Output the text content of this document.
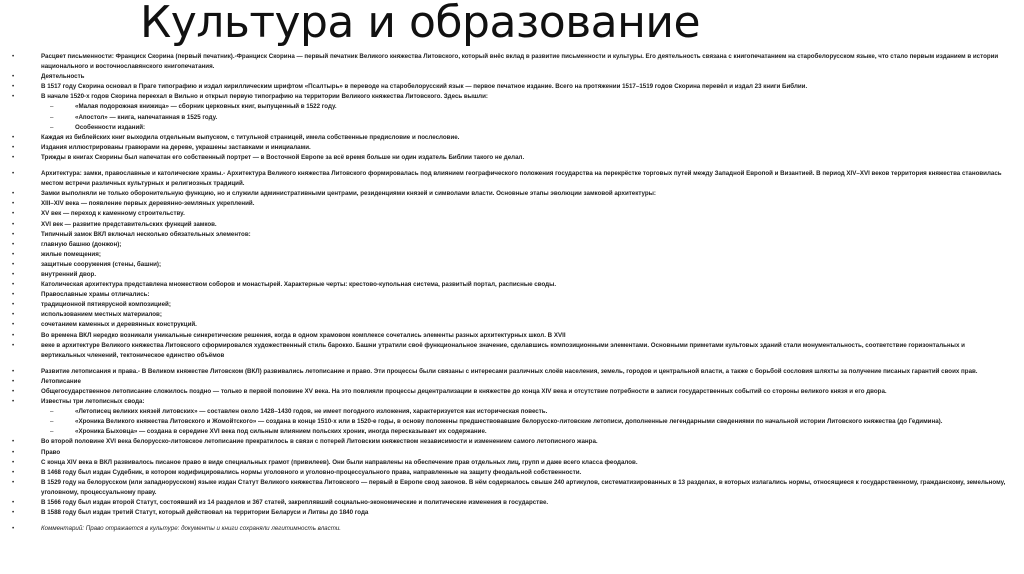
Культура и образование
•	Расцвет письменности: Франциск Скорина (первый печатник).-Франциск Скорина — первый печатник Великого княжества Литовского, который внёс вклад в развитие письменности и культуры. Его деятельность связана с книгопечатанием на старобелорусском языке, что стало первым изданием в истории национального и восточнославянского книгопечатания.
•	Деятельность
•	В 1517 году Скорина основал в Праге типографию и издал кириллическим шрифтом «Псалтырь» в переводе на старобелорусский язык — первое печатное издание. Всего на протяжении 1517–1519 годов Скорина перевёл и издал 23 книги Библии.
•	В начале 1520-х годов Скорина переехал в Вильно и открыл первую типографию на территории Великого княжества Литовского. Здесь вышли:
–	«Малая подорожная книжица» — сборник церковных книг, выпущенный в 1522 году.
–	«Апостол» — книга, напечатанная в 1525 году.
–	Особенности изданий:
•	Каждая из библейских книг выходила отдельным выпуском, с титульной страницей, имела собственные предисловие и послесловие.
•	Издания иллюстрированы гравюрами на дереве, украшены заставками и инициалами.
•	Трижды в книгах Скорины был напечатан его собственный портрет — в Восточной Европе за всё время больше ни один издатель Библии такого не делал.
•	Архитектура: замки, православные и католические храмы.- Архитектура Великого княжества Литовского формировалась под влиянием географического положения государства на перекрёстке торговых путей между Западной Европой и Византией. В период XIV–XVI веков территория княжества становилась местом встречи различных культурных и религиозных традиций.
•	Замки выполняли не только оборонительную функцию, но и служили административными центрами, резиденциями князей и символами власти. Основные этапы эволюции замковой архитектуры:
•	XIII–XIV века — появление первых деревянно-земляных укреплений.
•	XV век — переход к каменному строительству.
•	XVI век — развитие представительских функций замков.
•	Типичный замок ВКЛ включал несколько обязательных элементов:
•	главную башню (донжон);
•	жилые помещения;
•	защитные сооружения (стены, башни);
•	внутренний двор.
•	Католическая архитектура представлена множеством соборов и монастырей. Характерные черты: крестово-купольная система, развитый портал, расписные своды.
•	Православные храмы отличались:
•	традиционной пятиярусной композицией;
•	использованием местных материалов;
•	сочетанием каменных и деревянных конструкций.
•	Во времена ВКЛ нередко возникали уникальные синкретические решения, когда в одном храмовом комплексе сочетались элементы разных архитектурных школ. В XVII
•	веке в архитектуре Великого княжества Литовского сформировался художественный стиль барокко. Башни утратили своё функциональное значение, сделавшись композиционными элементами. Основными приметами культовых зданий стали монументальность, соответствие горизонтальных и вертикальных членений, тектоническое единство объёмов
•	Развитие летописания и права.- В Великом княжестве Литовском (ВКЛ) развивались летописание и право. Эти процессы были связаны с интересами различных слоёв населения, земель, городов и центральной власти, а также с борьбой сословия шляхты за получение писаных гарантий своих прав.
•	Летописание
•	Общегосударственное летописание сложилось поздно — только в первой половине XV века. На это повлияли процессы децентрализации в княжестве до конца XIV века и отсутствие потребности в записи государственных событий со стороны великого князя и его двора.
•	Известны три летописных свода:
–	«Летописец великих князей литовских» — составлен около 1428–1430 годов, не имеет погодного изложения, характеризуется как историческая повесть.
–	«Хроника Великого княжества Литовского и Жомойтского» — создана в конце 1510-х или в 1520-е годы, в основу положены предшествовавшие белорусско-литовские летописи, дополненные легендарными сведениями по начальной истории Литовского княжества (до Гедимина).
–	«Хроника Быховца» — создана в середине XVI века под сильным влиянием польских хроник, иногда пересказывает их содержание.
•	Во второй половине XVI века белорусско-литовское летописание прекратилось в связи с потерей Литовским княжеством независимости и изменением самого летописного жанра.
•	Право
•	С конца XIV века в ВКЛ развивалось писаное право в виде специальных грамот (привилеев). Они были направлены на обеспечение прав отдельных лиц, групп и даже всего класса феодалов.
•	В 1468 году был издан Судебник, в котором кодифицировались нормы уголовного и уголовно-процессуального права, направленные на защиту феодальной собственности.
•	В 1529 году на белорусском (или западнорусском) языке издан Статут Великого княжества Литовского — первый в Европе свод законов. В нём содержалось свыше 240 артикулов, систематизированных в 13 разделах, в которых излагались нормы, относящиеся к государственному, гражданскому, земельному, уголовному, процессуальному праву.
•	В 1566 году был издан второй Статут, состоявший из 14 разделов и 367 статей, закреплявший социально-экономические и политические изменения в государстве.
•	В 1588 году был издан третий Статут, который действовал на территории Беларуси и Литвы до 1840 года
•	Комментарий: Право отражается в культуре: документы и книги сохраняли легитимность власти.
